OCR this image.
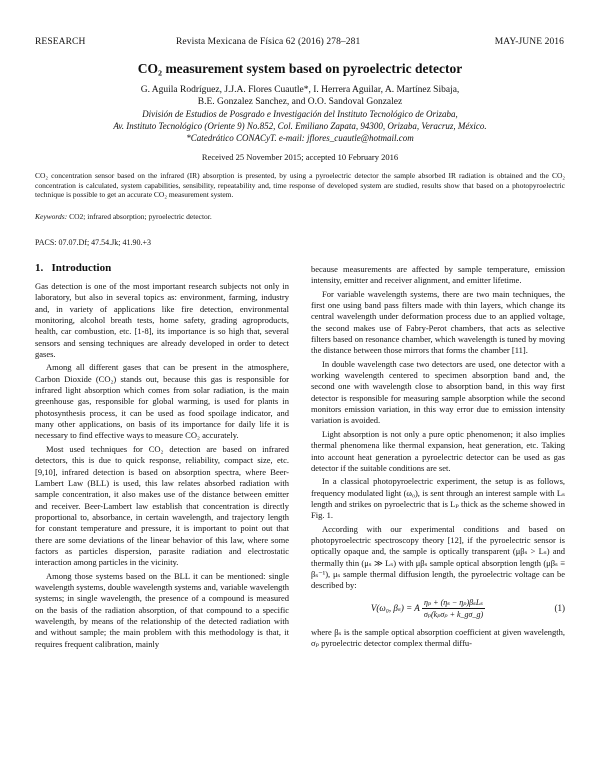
RESEARCH	Revista Mexicana de Física 62 (2016) 278–281	MAY-JUNE 2016
CO₂ measurement system based on pyroelectric detector
G. Aguila Rodríguez, J.J.A. Flores Cuautle*, I. Herrera Aguilar, A. Martínez Sibaja,
B.E. Gonzalez Sanchez, and O.O. Sandoval Gonzalez
División de Estudios de Posgrado e Investigación del Instituto Tecnológico de Orizaba,
Av. Instituto Tecnológico (Oriente 9) No.852, Col. Emiliano Zapata, 94300, Orizaba, Veracruz, México.
*Catedrático CONACyT. e-mail: jflores_cuautle@hotmail.com
Received 25 November 2015; accepted 10 February 2016
CO₂ concentration sensor based on the infrared (IR) absorption is presented, by using a pyroelectric detector the sample absorbed IR radiation is obtained and the CO₂ concentration is calculated, system capabilities, sensibility, repeatability and, time response of developed system are studied, results show that based on a photopyroelectric technique is possible to get an accurate CO₂ measurement system.
Keywords: CO2; infrared absorption; pyroelectric detector.
PACS: 07.07.Df; 47.54.Jk; 41.90.+3
1. Introduction

Gas detection is one of the most important research subjects not only in laboratory, but also in several topics as: environment, farming, industry and, in variety of applications like fire detection, environmental monitoring, alcohol breath tests, home safety, grading agroproducts, health, car combustion, etc. [1-8], its importance is so high that, several sensors and sensing techniques are already developed in order to detect gases.

Among all different gases that can be present in the atmosphere, Carbon Dioxide (CO₂) stands out, because this gas is responsible for infrared light absorption which comes from solar radiation, is the main greenhouse gas, responsible for global warming, is used for plants in photosynthesis process, it can be used as food spoilage indicator, and many other applications, on basis of its importance for daily life it is necessary to find effective ways to measure CO₂ accurately.

Most used techniques for CO₂ detection are based on infrared detectors, this is due to quick response, reliability, compact size, etc. [9,10], infrared detection is based on absorption spectra, where Beer-Lambert Law (BLL) is used, this law relates absorbed radiation with sample concentration, it also makes use of the distance between emitter and receiver. Beer-Lambert law establish that concentration is directly proportional to, absorbance, in certain wavelength, and trajectory length for constant temperature and pressure, it is important to point out that there are some deviations of the linear behavior of this law, where some factors as particles dispersion, parasite radiation and electrostatic interaction among particles in the vicinity.

Among those systems based on the BLL it can be mentioned: single wavelength systems, double wavelength systems and, variable wavelength systems; in single wavelength, the presence of a compound is measured on the basis of the radiation absorption, of that compound to a specific wavelength, by means of the relationship of the detected radiation with and without sample; the main problem with this methodology is that, it requires frequent calibration, mainly

because measurements are affected by sample temperature, emission intensity, emitter and receiver alignment, and emitter lifetime.

For variable wavelength systems, there are two main techniques, the first one using band pass filters made with thin layers, which change its central wavelength under deformation process due to an applied voltage, the second makes use of Fabry-Perot chambers, that acts as selective filters based on resonance chamber, which wavelength is tuned by moving the distance between those mirrors that forms the chamber [11].

In double wavelength case two detectors are used, one detector with a working wavelength centered to specimen absorption band and, the second one with wavelength close to absorption band, in this way first detector is responsible for measuring sample absorption while the second monitors emission variation, in this way error due to emission intensity variation is avoided.

Light absorption is not only a pure optic phenomenon; it also implies thermal phenomena like thermal expansion, heat generation, etc. Taking into account heat generation a pyroelectric detector can be used as gas detector if the suitable conditions are set.

In a classical photopyroelectric experiment, the setup is as follows, frequency modulated light (ω₀), is sent through an interest sample with Lₛ length and strikes on pyroelectric that is Lₚ thick as the scheme showed in Fig. 1.

According with our experimental conditions and based on photopyroelectric spectroscopy theory [12], if the pyroelectric sensor is optically opaque and, the sample is optically transparent (μβₛ > Lₛ) and thermally thin (μₛ ≫ Lₛ) with μβₛ sample optical absorption length (μβₛ ≡ βₛ⁻¹), μₛ sample thermal diffusion length, the pyroelectric voltage can be described by:

V(ω₀, βₛ) = A $\frac{\text{ηₚ + (ηₛ − ηₚ)βₛLₛ}}{\text{σₚ(kₚσₚ + k\_gσ\_g)}}$	(1)

where βₛ is the sample optical absorption coefficient at given wavelength, σₚ pyroelectric detector complex thermal diffu-
